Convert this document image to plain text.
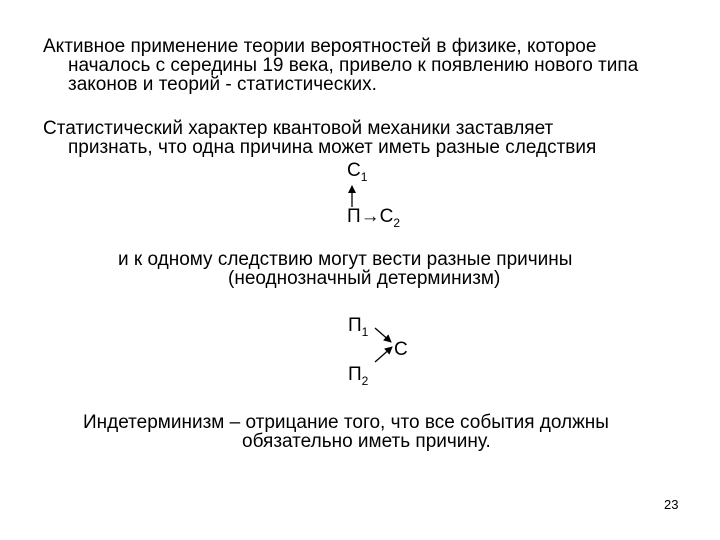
Активное применение теории вероятностей в физике, которое
началось с середины 19 века, привело к появлению нового типа
законов и теорий - статистических.
Статистический характер квантовой механики заставляет
признать, что одна причина может иметь разные следствия
$С_1$
$П\to С_2$
и к одному следствию могут вести разные причины
(неоднозначный детерминизм)
$П_1$
С
$П_2$
Индетерминизм – отрицание того, что все события должны
обязательно иметь причину.
23
